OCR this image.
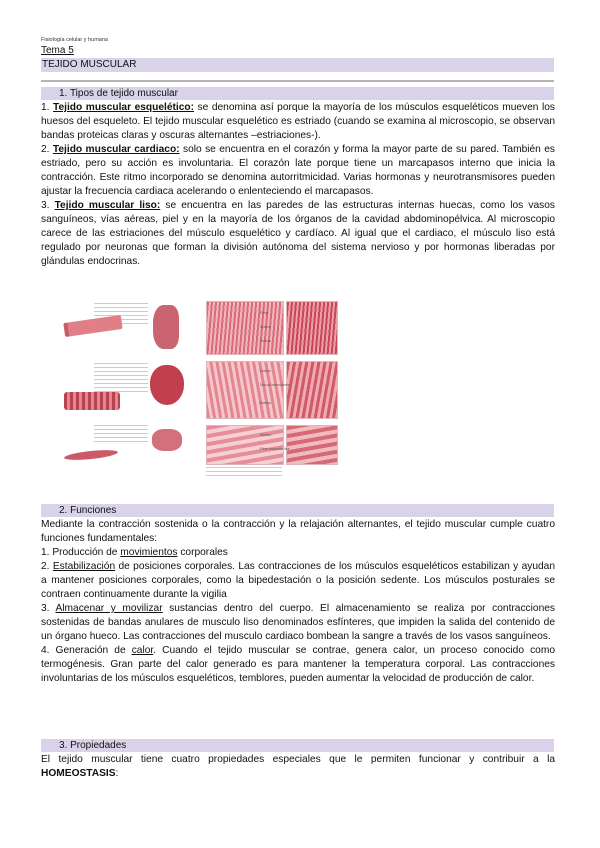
Fisiología celular y humana
Tema 5
TEJIDO MUSCULAR
1. Tipos de tejido muscular

1. Tejido muscular esquelético: se denomina así porque la mayoría de los músculos esqueléticos mueven los huesos del esqueleto. El tejido muscular esquelético es estriado (cuando se examina al microscopio, se observan bandas proteicas claras y oscuras alternantes –estriaciones-).

2. Tejido muscular cardiaco: solo se encuentra en el corazón y forma la mayor parte de su pared. También es estriado, pero su acción es involuntaria. El corazón late porque tiene un marcapasos interno que inicia la contracción. Este ritmo incorporado se denomina autorritmicidad. Varias hormonas y neurotransmisores pueden ajustar la frecuencia cardiaca acelerando o enlenteciendo el marcapasos.

3. Tejido muscular liso: se encuentra en las paredes de las estructuras internas huecas, como los vasos sanguíneos, vías aéreas, piel y en la mayoría de los órganos de la cavidad abdominopélvica. Al microscopio carece de las estriaciones del músculo esquelético y cardíaco. Al igual que el cardiaco, el músculo liso está regulado por neuronas que forman la división autónoma del sistema nervioso y por hormonas liberadas por glándulas endocrinas.

Fibra
Núcleo
Estrías
Núcleo
Discos intercalares
Estrías
Núcleo
Fibra muscular lisa
2. Funciones

Mediante la contracción sostenida o la contracción y la relajación alternantes, el tejido muscular cumple cuatro funciones fundamentales:

1. Producción de movimientos corporales

2. Estabilización de posiciones corporales. Las contracciones de los músculos esqueléticos estabilizan y ayudan a mantener posiciones corporales, como la bipedestación o la posición sedente. Los músculos posturales se contraen continuamente durante la vigilia

3. Almacenar y movilizar sustancias dentro del cuerpo. El almacenamiento se realiza por contracciones sostenidas de bandas anulares de musculo liso denominados esfínteres, que impiden la salida del contenido de un órgano hueco. Las contracciones del musculo cardiaco bombean la sangre a través de los vasos sanguíneos.

4. Generación de calor. Cuando el tejido muscular se contrae, genera calor, un proceso conocido como termogénesis. Gran parte del calor generado es para mantener la temperatura corporal. Las contracciones involuntarias de los músculos esqueléticos, temblores, pueden aumentar la velocidad de producción de calor.

3. Propiedades

El tejido muscular tiene cuatro propiedades especiales que le permiten funcionar y contribuir a la HOMEOSTASIS:
